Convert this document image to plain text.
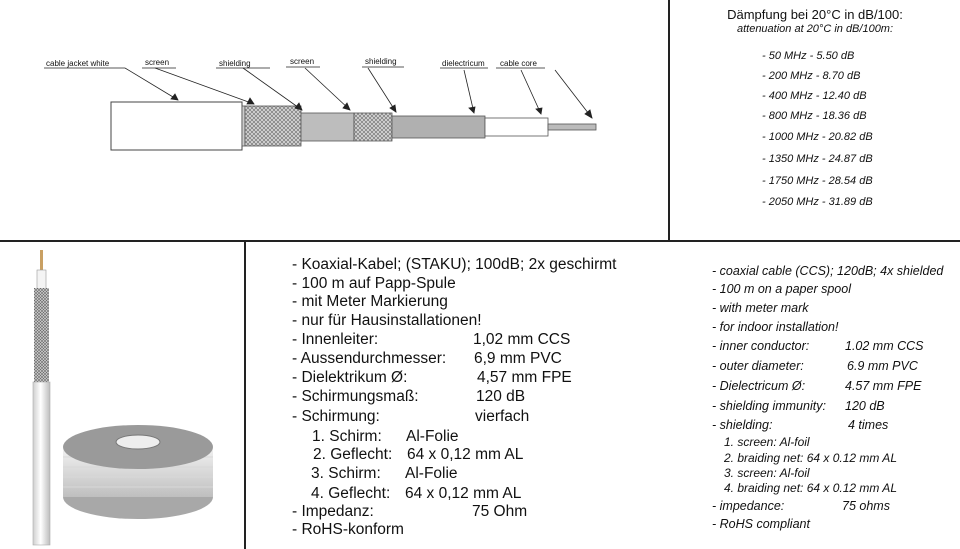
cable jacket white	screen	shielding	screen	shielding	dielectricum cable core
Dämpfung bei 20°C in dB/100:
attenuation at 20°C in dB/100m:
- 50 MHz - 5.50 dB
- 200 MHz - 8.70 dB
- 400 MHz - 12.40 dB
- 800 MHz - 18.36 dB
- 1000 MHz - 20.82 dB
- 1350 MHz - 24.87 dB
- 1750 MHz - 28.54 dB
- 2050 MHz - 31.89 dB
- Koaxial-Kabel; (STAKU); 100dB; 2x geschirmt
- 100 m auf Papp-Spule
- mit Meter Markierung
- nur für Hausinstallationen!
- Innenleiter:	1,02 mm CCS
- Aussendurchmesser: 6,9 mm PVC
- Dielektrikum Ø:	4,57 mm FPE
- Schirmungsmaß:	120 dB
- Schirmung:	vierfach
1. Schirm: Al-Folie
2. Geflecht: 64 x 0,12 mm AL
3. Schirm: Al-Folie
4. Geflecht: 64 x 0,12 mm AL
- Impedanz:	75 Ohm
- RoHS-konform
- coaxial cable (CCS); 120dB; 4x shielded
- 100 m on a paper spool
- with meter mark
- for indoor installation!
- inner conductor:	1.02 mm CCS
- outer diameter:	6.9 mm PVC
- Dielectricum Ø:	4.57 mm FPE
- shielding immunity: 120 dB
- shielding:	4 times
1. screen: Al-foil
2. braiding net: 64 x 0.12 mm AL
3. screen: Al-foil
4. braiding net: 64 x 0.12 mm AL
- impedance:	75 ohms
- RoHS compliant
